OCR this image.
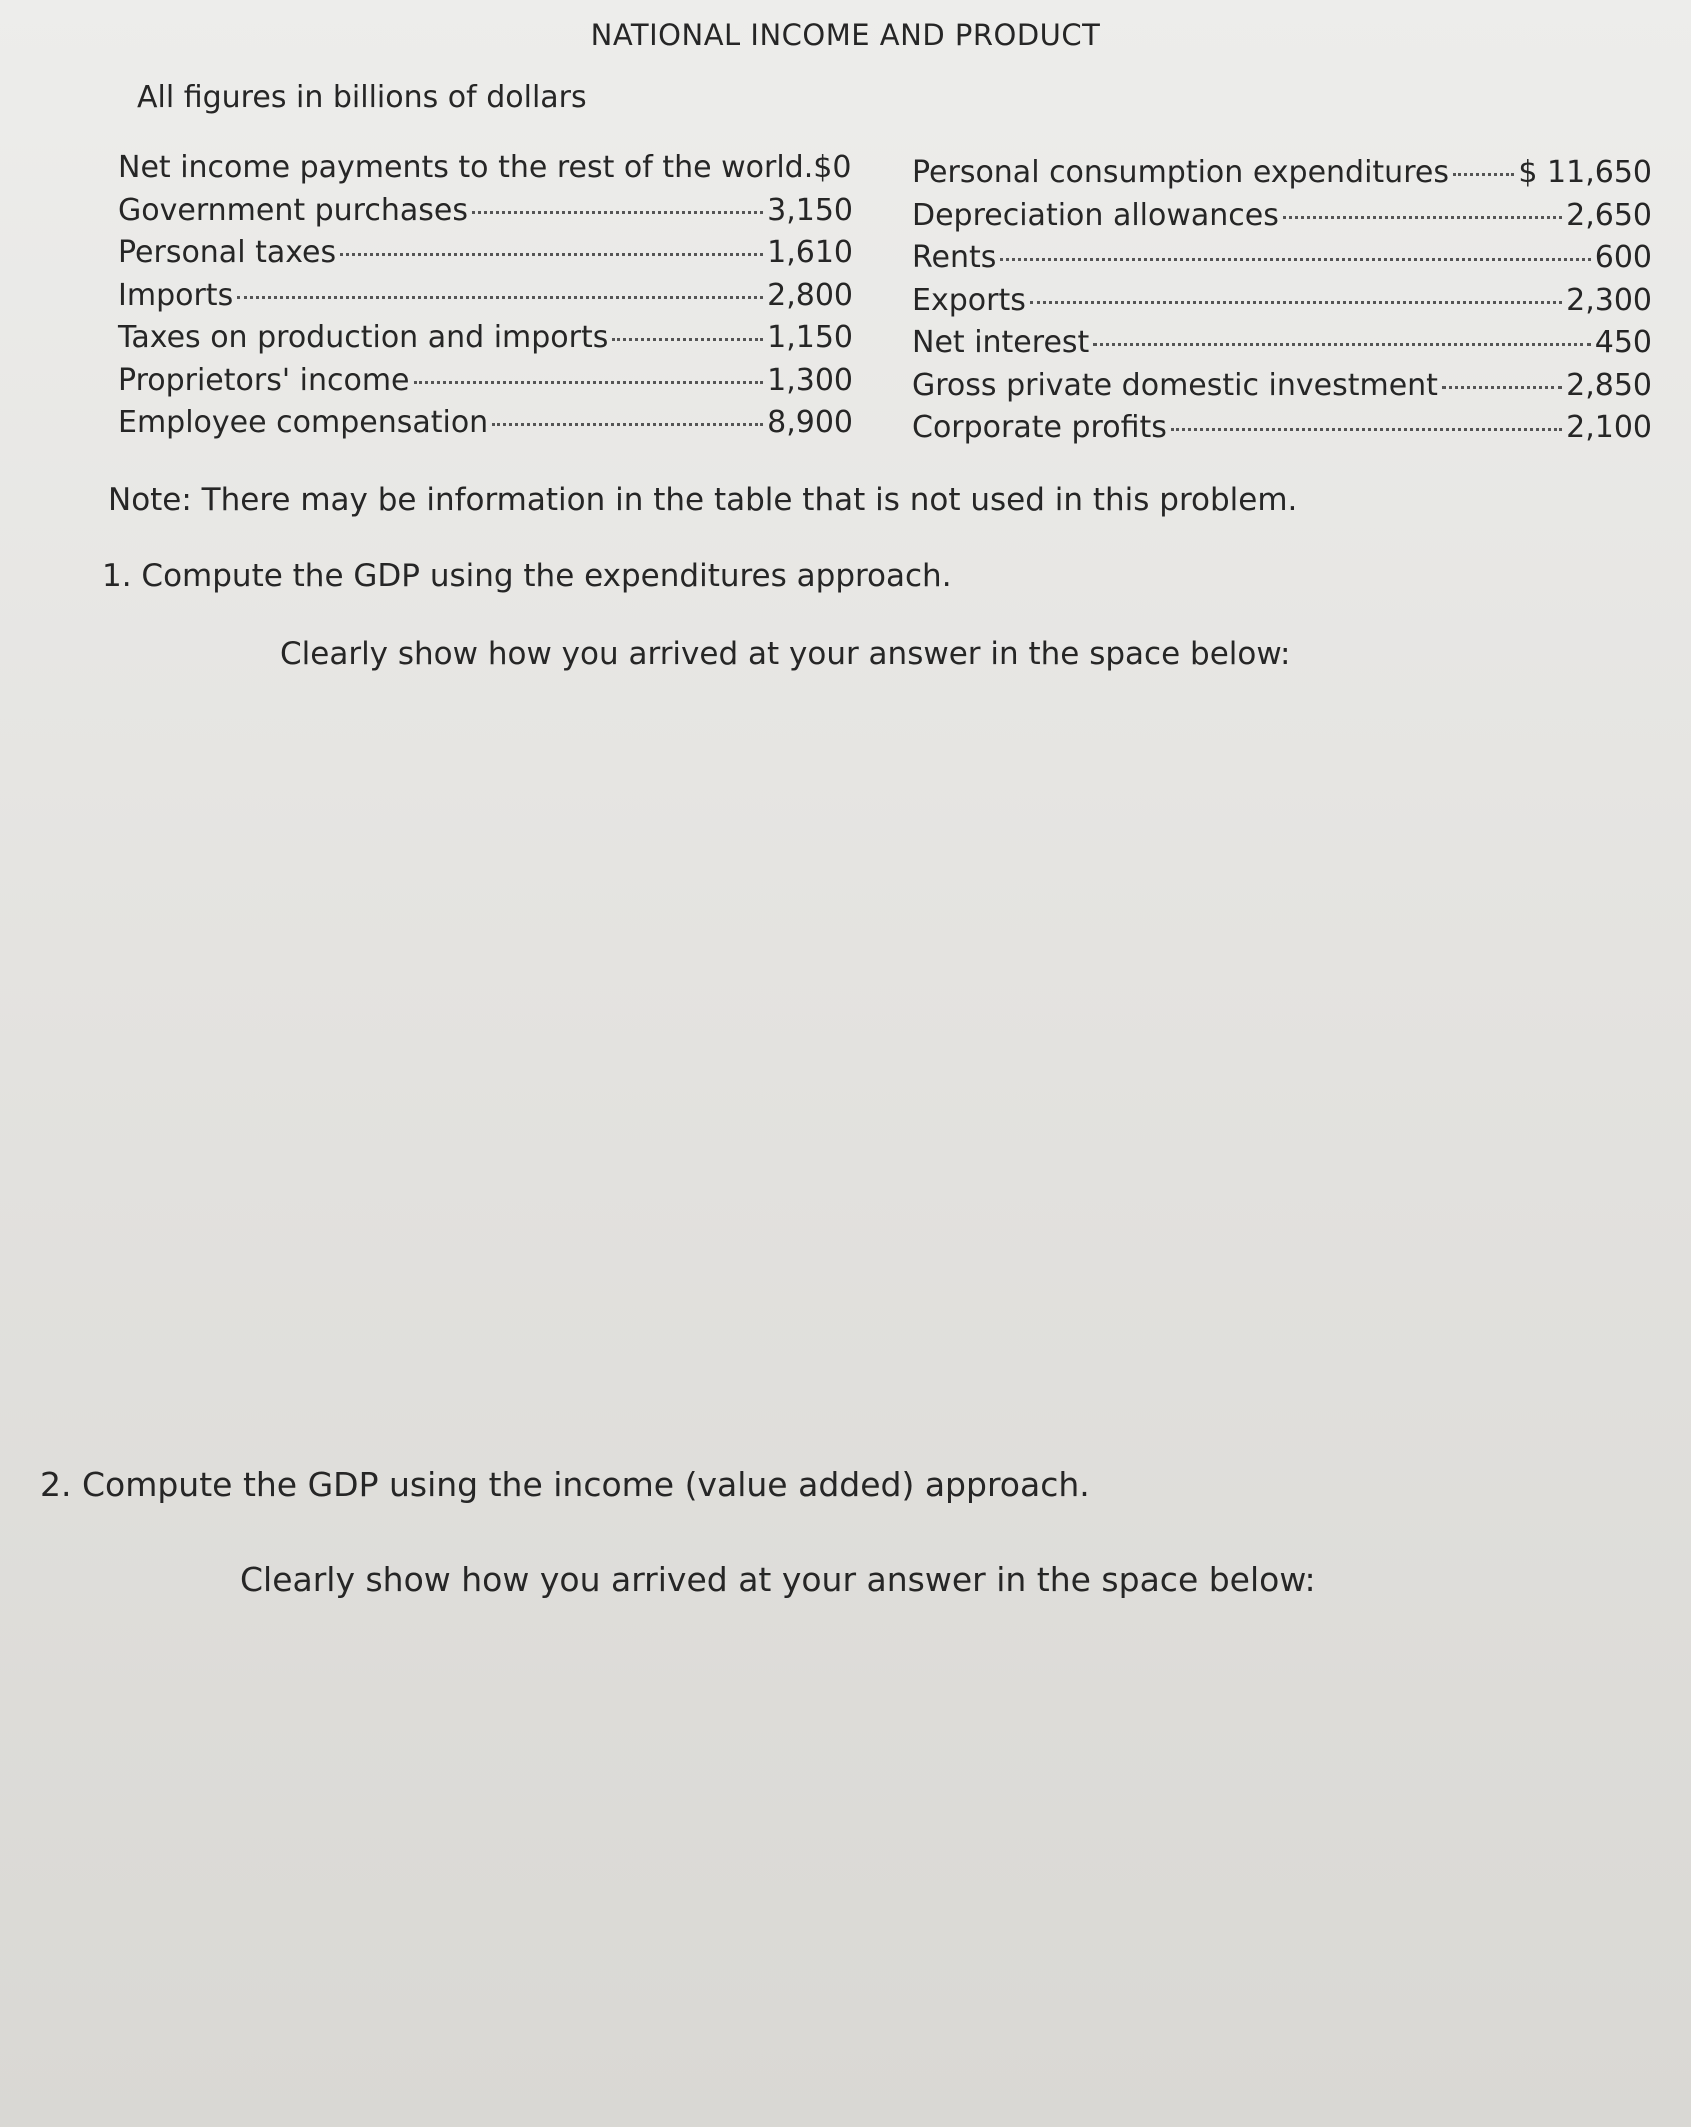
NATIONAL INCOME AND PRODUCT
All figures in billions of dollars
Net income payments to the rest of the world. $0
Government purchases	3,150
Personal taxes	1,610
Imports	2,800
Taxes on production and imports	1,150
Proprietors' income	1,300
Employee compensation	8,900
Personal consumption expenditures $ 11,650
Depreciation allowances	2,650
Rents	600
Exports	2,300
Net interest	450
Gross private domestic investment	2,850
Corporate profits	2,100
Note: There may be information in the table that is not used in this problem.
1. Compute the GDP using the expenditures approach.
Clearly show how you arrived at your answer in the space below:
2. Compute the GDP using the income (value added) approach.
Clearly show how you arrived at your answer in the space below:
